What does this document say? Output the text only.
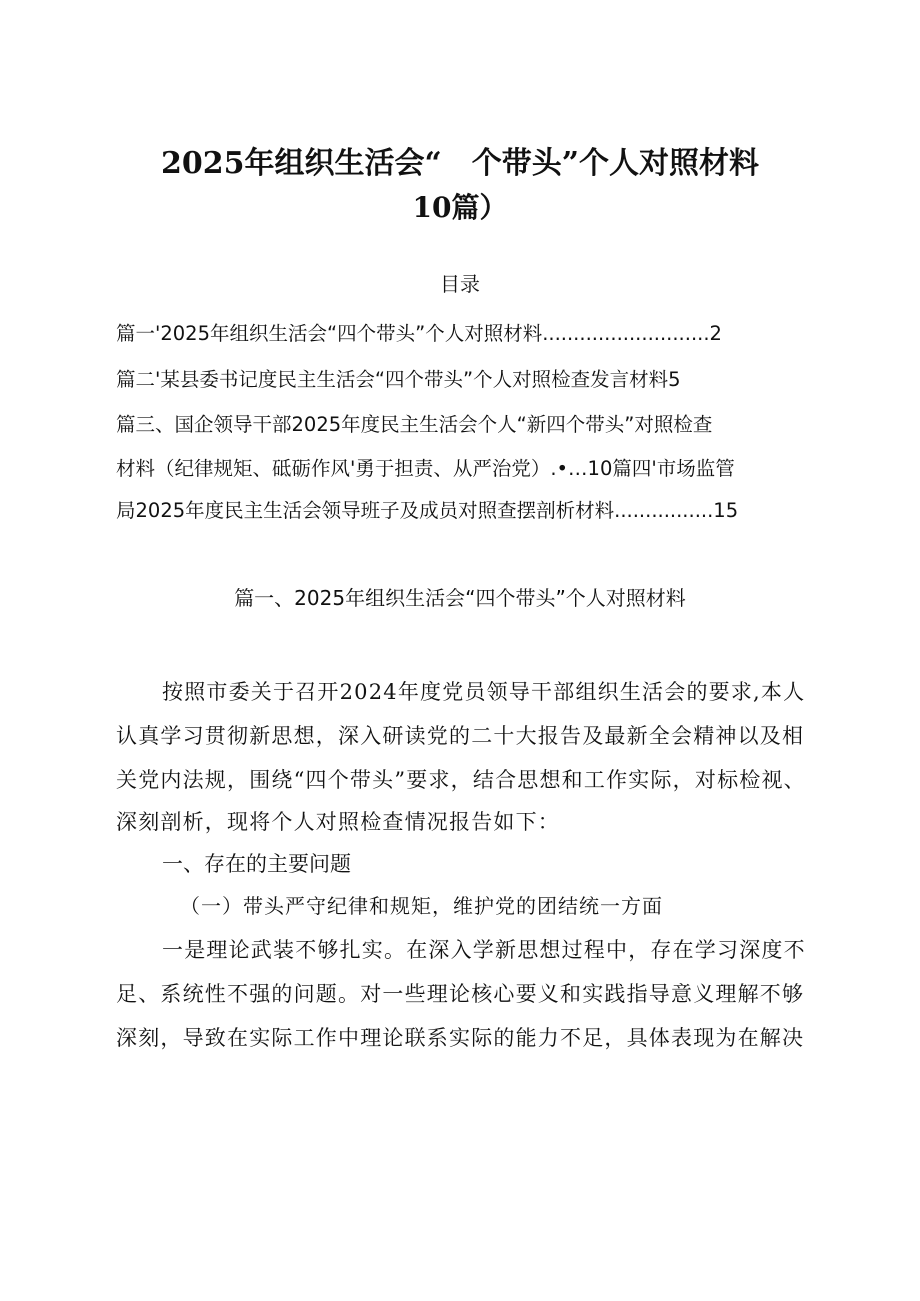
2025年组织生活会“　个带头”个人对照材料
10篇）
目录
篇一'2025年组织生活会“四个带头”个人对照材料...........................2
篇二'某县委书记度民主生活会“四个带头”个人对照检查发言材料5
篇三、国企领导干部2025年度民主生活会个人“新四个带头”对照检查
材料（纪律规矩、砥砺作风'勇于担责、从严治党）.•…10篇四'市场监管
局2025年度民主生活会领导班子及成员对照查摆剖析材料................15
篇一、2025年组织生活会“四个带头”个人对照材料
按照市委关于召开2024年度党员领导干部组织生活会的要求,本人
认真学习贯彻新思想，深入研读党的二十大报告及最新全会精神以及相
关党内法规，围绕“四个带头”要求，结合思想和工作实际，对标检视、
深刻剖析，现将个人对照检查情况报告如下：
一、存在的主要问题
（一）带头严守纪律和规矩，维护党的团结统一方面
一是理论武装不够扎实。在深入学新思想过程中，存在学习深度不
足、系统性不强的问题。对一些理论核心要义和实践指导意义理解不够
深刻，导致在实际工作中理论联系实际的能力不足，具体表现为在解决
